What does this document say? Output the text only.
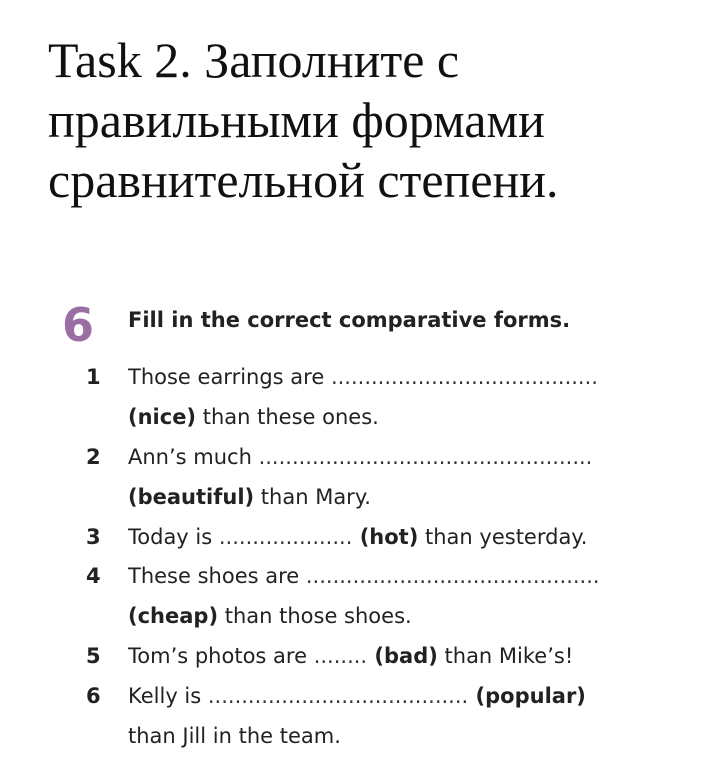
Task 2. Заполните с правильными формами сравнительной степени.
6 Fill in the correct comparative forms.
1 Those earrings are ........................................
(nice) than these ones.
2 Ann’s much ..................................................
(beautiful) than Mary.
3 Today is .................... (hot) than yesterday.
4 These shoes are ............................................
(cheap) than those shoes.
5 Tom’s photos are ........ (bad) than Mike’s!
6 Kelly is ....................................... (popular)
than Jill in the team.
